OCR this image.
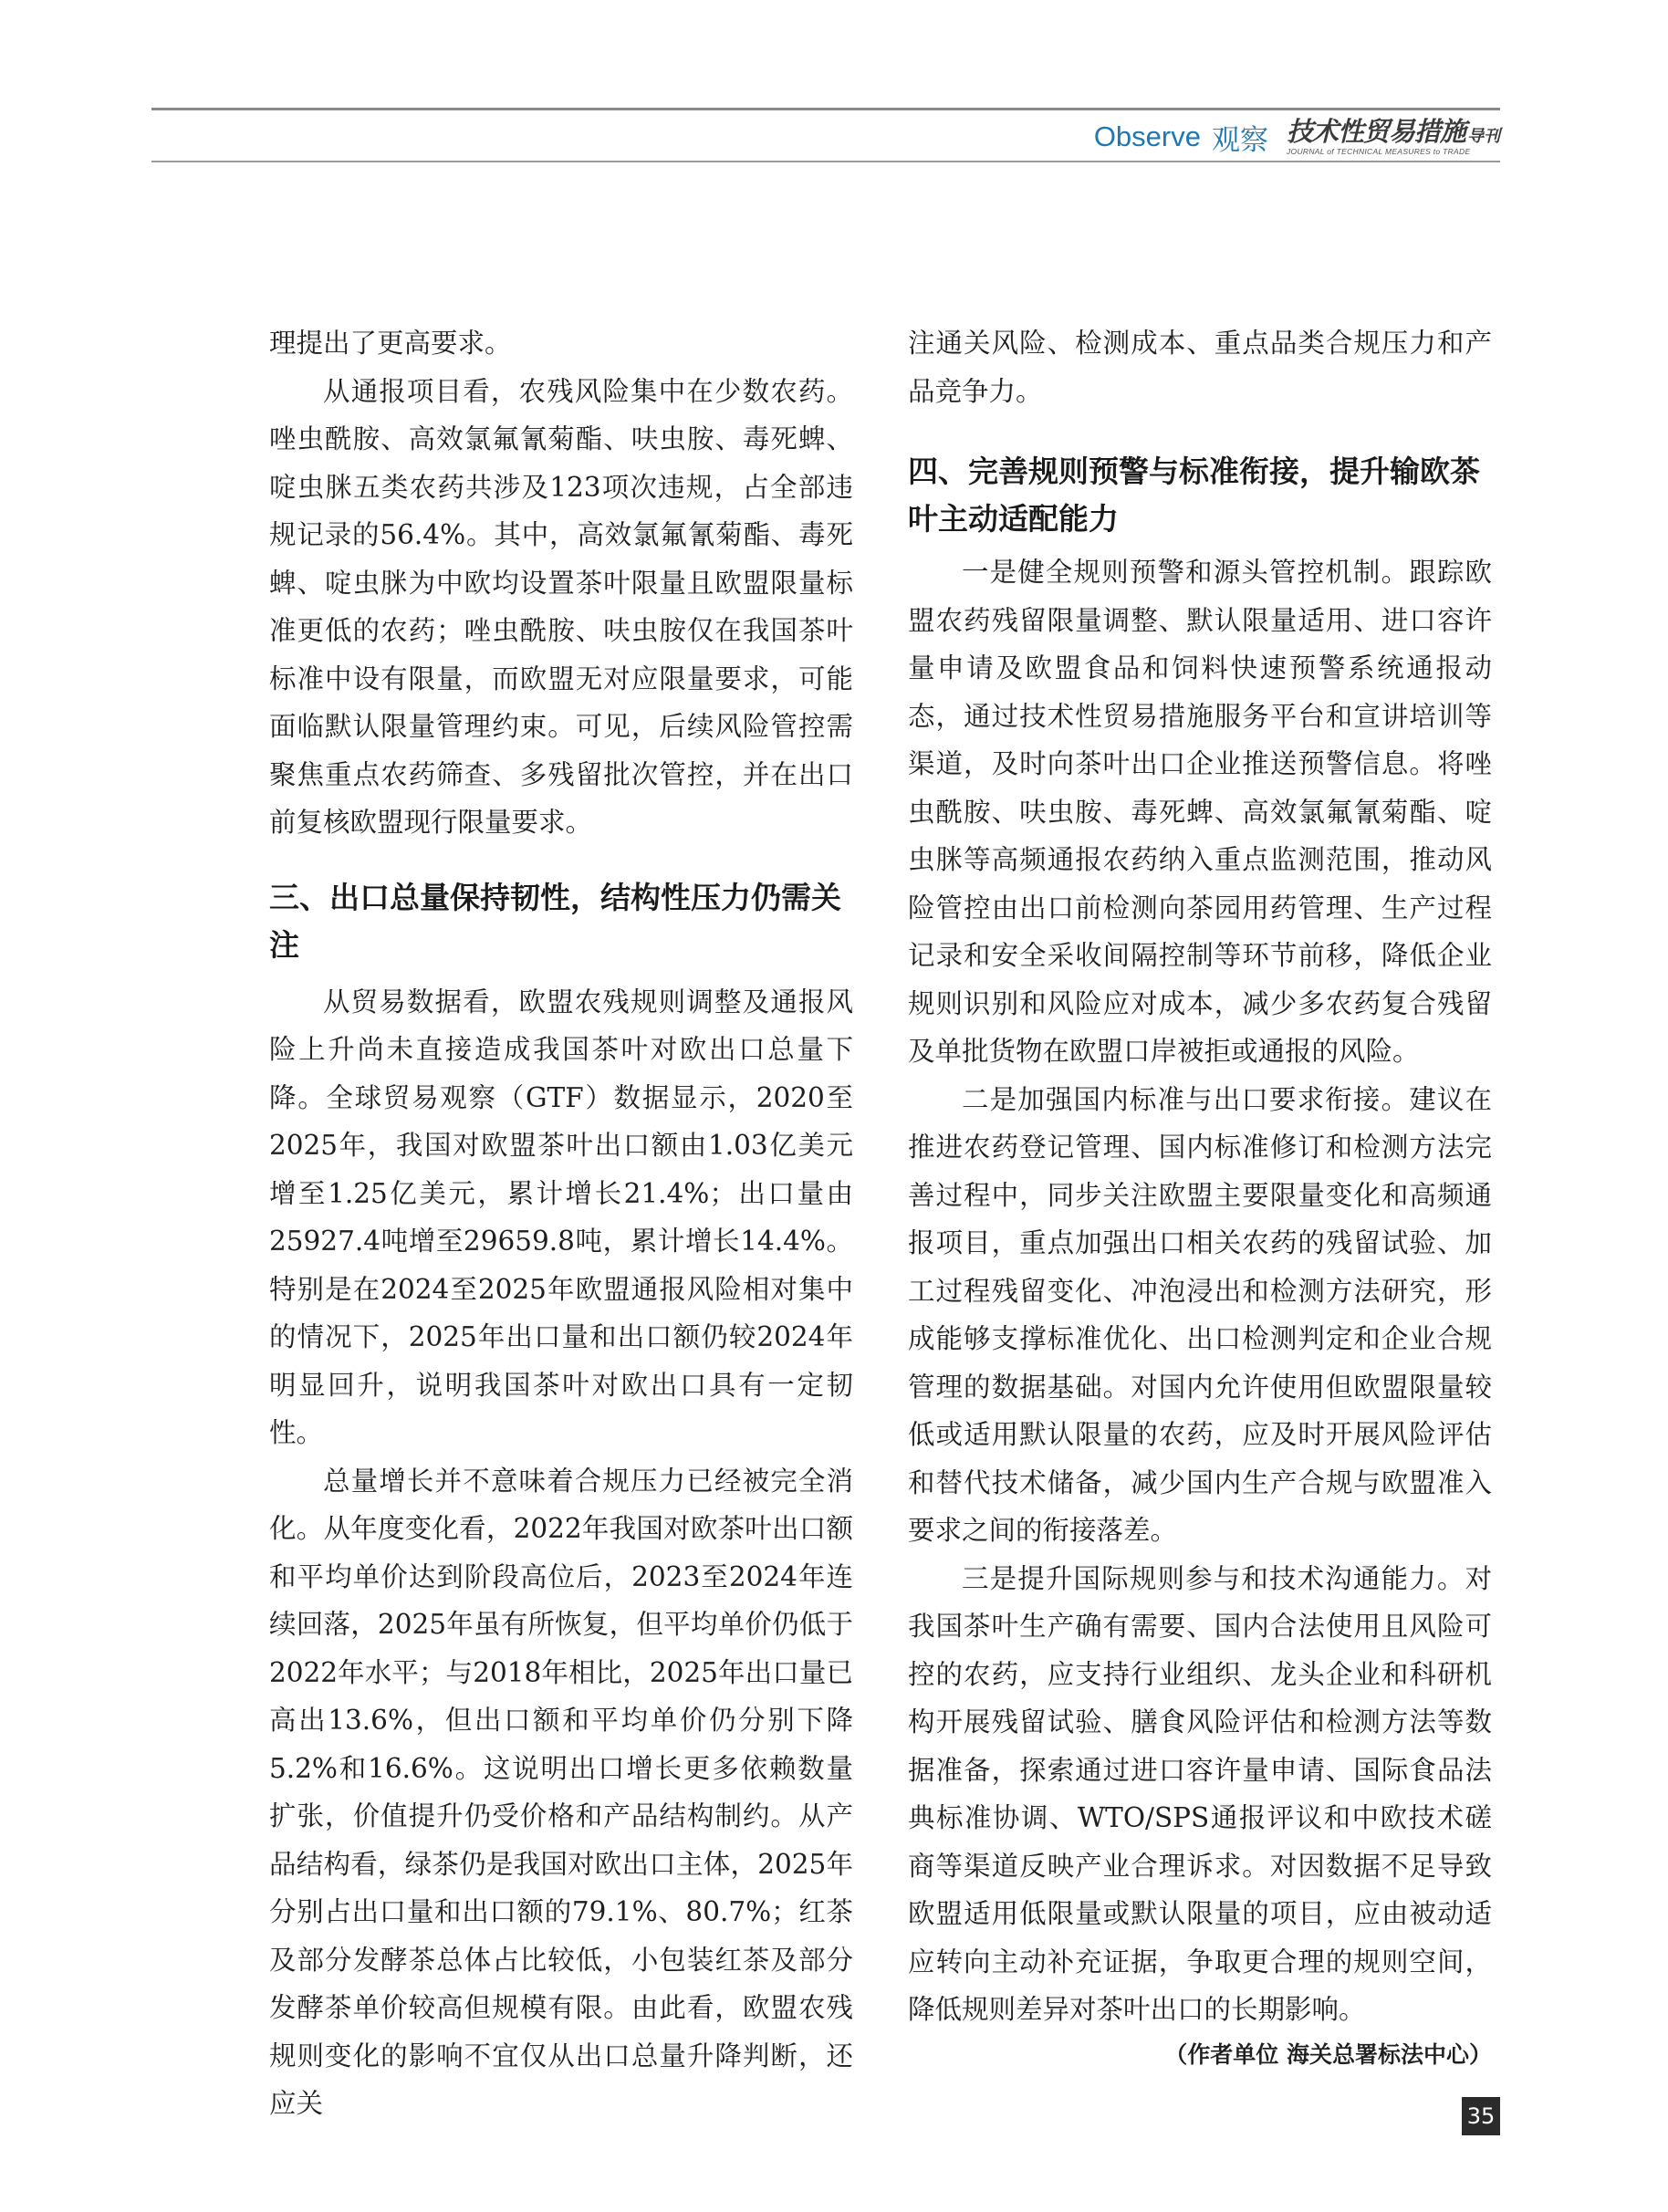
Observe 观察 技术性贸易措施 导刊
JOURNAL of TECHNICAL MEASURES to TRADE

理提出了更高要求。

从通报项目看，农残风险集中在少数农药。唑虫酰胺、高效氯氟氰菊酯、呋虫胺、毒死蜱、啶虫脒五类农药共涉及123项次违规，占全部违规记录的56.4%。其中，高效氯氟氰菊酯、毒死蜱、啶虫脒为中欧均设置茶叶限量且欧盟限量标准更低的农药；唑虫酰胺、呋虫胺仅在我国茶叶标准中设有限量，而欧盟无对应限量要求，可能面临默认限量管理约束。可见，后续风险管控需聚焦重点农药筛查、多残留批次管控，并在出口前复核欧盟现行限量要求。

三、出口总量保持韧性，结构性压力仍需关注

从贸易数据看，欧盟农残规则调整及通报风险上升尚未直接造成我国茶叶对欧出口总量下降。全球贸易观察（GTF）数据显示，2020至2025年，我国对欧盟茶叶出口额由1.03亿美元增至1.25亿美元，累计增长21.4%；出口量由25927.4吨增至29659.8吨，累计增长14.4%。特别是在2024至2025年欧盟通报风险相对集中的情况下，2025年出口量和出口额仍较2024年明显回升，说明我国茶叶对欧出口具有一定韧性。

总量增长并不意味着合规压力已经被完全消化。从年度变化看，2022年我国对欧茶叶出口额和平均单价达到阶段高位后，2023至2024年连续回落，2025年虽有所恢复，但平均单价仍低于2022年水平；与2018年相比，2025年出口量已高出13.6%，但出口额和平均单价仍分别下降5.2%和16.6%。这说明出口增长更多依赖数量扩张，价值提升仍受价格和产品结构制约。从产品结构看，绿茶仍是我国对欧出口主体，2025年分别占出口量和出口额的79.1%、80.7%；红茶及部分发酵茶总体占比较低，小包装红茶及部分发酵茶单价较高但规模有限。由此看，欧盟农残规则变化的影响不宜仅从出口总量升降判断，还应关

注通关风险、检测成本、重点品类合规压力和产品竞争力。

四、完善规则预警与标准衔接，提升输欧茶叶主动适配能力

一是健全规则预警和源头管控机制。跟踪欧盟农药残留限量调整、默认限量适用、进口容许量申请及欧盟食品和饲料快速预警系统通报动态，通过技术性贸易措施服务平台和宣讲培训等渠道，及时向茶叶出口企业推送预警信息。将唑虫酰胺、呋虫胺、毒死蜱、高效氯氟氰菊酯、啶虫脒等高频通报农药纳入重点监测范围，推动风险管控由出口前检测向茶园用药管理、生产过程记录和安全采收间隔控制等环节前移，降低企业规则识别和风险应对成本，减少多农药复合残留及单批货物在欧盟口岸被拒或通报的风险。

二是加强国内标准与出口要求衔接。建议在推进农药登记管理、国内标准修订和检测方法完善过程中，同步关注欧盟主要限量变化和高频通报项目，重点加强出口相关农药的残留试验、加工过程残留变化、冲泡浸出和检测方法研究，形成能够支撑标准优化、出口检测判定和企业合规管理的数据基础。对国内允许使用但欧盟限量较低或适用默认限量的农药，应及时开展风险评估和替代技术储备，减少国内生产合规与欧盟准入要求之间的衔接落差。

三是提升国际规则参与和技术沟通能力。对我国茶叶生产确有需要、国内合法使用且风险可控的农药，应支持行业组织、龙头企业和科研机构开展残留试验、膳食风险评估和检测方法等数据准备，探索通过进口容许量申请、国际食品法典标准协调、WTO/SPS通报评议和中欧技术磋商等渠道反映产业合理诉求。对因数据不足导致欧盟适用低限量或默认限量的项目，应由被动适应转向主动补充证据，争取更合理的规则空间，降低规则差异对茶叶出口的长期影响。

（作者单位 海关总署标法中心）

35
